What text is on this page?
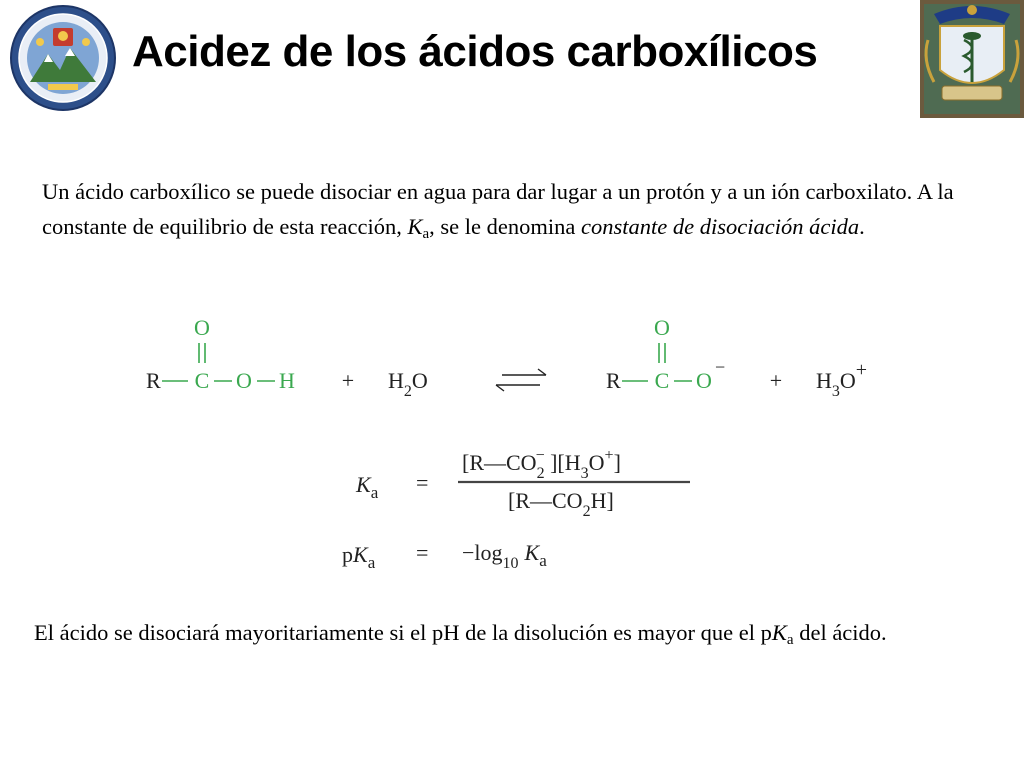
Acidez de los ácidos carboxílicos

Un ácido carboxílico se puede disociar en agua para dar lugar a un protón y a un ión carboxilato. A la constante de equilibrio de esta reacción, $K_a$, se le denomina constante de disociación ácida.

O
R C O $H + H_2O$
O
R C O
−
+ $H_3O+$
$K_a$ =
$[R—CO_2- ][H_3O^+]$
$[R—CO_2H]$
$pK_a = -\log_{10}$ $K_a$

El ácido se disociará mayoritariamente si el pH de la disolución es mayor que el $pK_a$ del ácido.
